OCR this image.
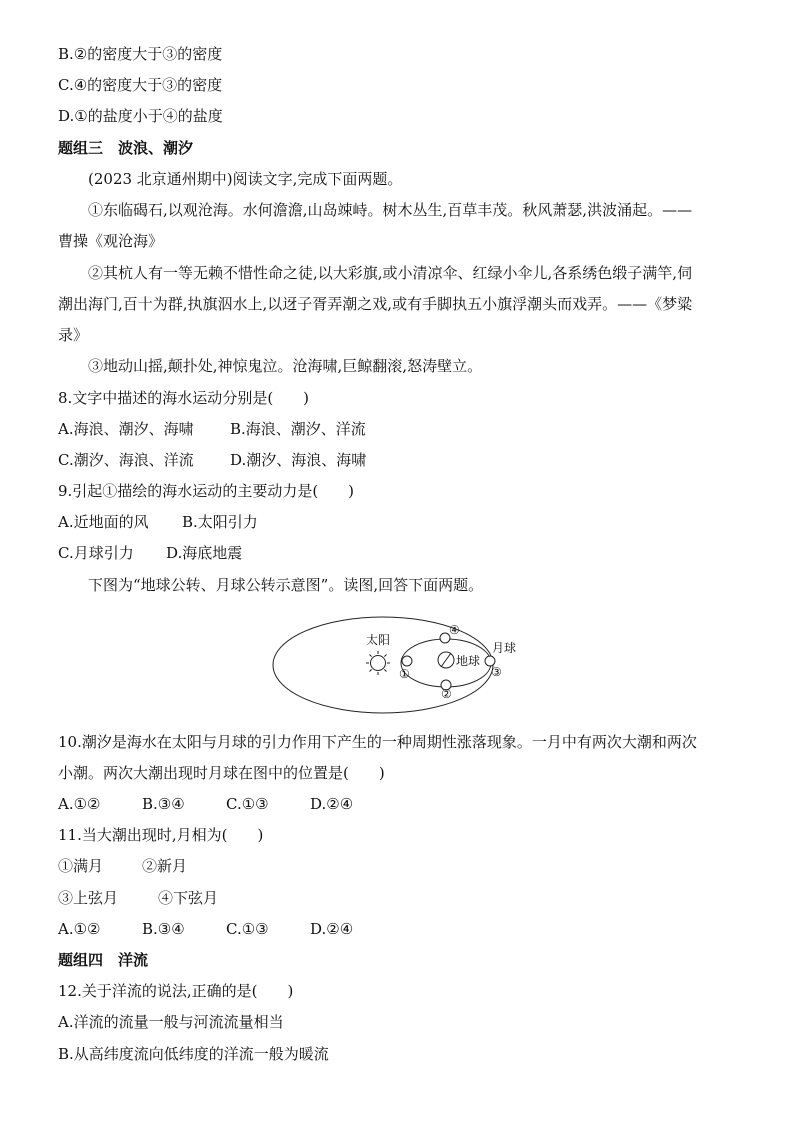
B.②的密度大于③的密度
C.④的密度大于③的密度
D.①的盐度小于④的盐度
题组三　波浪、潮汐
(2023 北京通州期中)阅读文字,完成下面两题。
①东临碣石,以观沧海。水何澹澹,山岛竦峙。树木丛生,百草丰茂。秋风萧瑟,洪波涌起。——
曹操《观沧海》
②其杭人有一等无赖不惜性命之徒,以大彩旗,或小清凉伞、红绿小伞儿,各系绣色缎子满竿,伺
潮出海门,百十为群,执旗泅水上,以迓子胥弄潮之戏,或有手脚执五小旗浮潮头而戏弄。——《梦粱
录》
③地动山摇,颠扑处,神惊鬼泣。沧海啸,巨鲸翻滚,怒涛壁立。
8.文字中描述的海水运动分别是(　　)
A.海浪、潮汐、海啸 B.海浪、潮汐、洋流
C.潮汐、海浪、洋流 D.潮汐、海浪、海啸
9.引起①描绘的海水运动的主要动力是(　　)
A.近地面的风 B.太阳引力
C.月球引力 D.海底地震
下图为“地球公转、月球公转示意图”。读图,回答下面两题。
太阳
地球
月球
①
②
③
④
10.潮汐是海水在太阳与月球的引力作用下产生的一种周期性涨落现象。一月中有两次大潮和两次
小潮。两次大潮出现时月球在图中的位置是(　　)
A.①②	B.③④	C.①③	D.②④
11.当大潮出现时,月相为(　　)
①满月	②新月
③上弦月	④下弦月
A.①②	B.③④	C.①③	D.②④
题组四　洋流
12.关于洋流的说法,正确的是(　　)
A.洋流的流量一般与河流流量相当
B.从高纬度流向低纬度的洋流一般为暖流
